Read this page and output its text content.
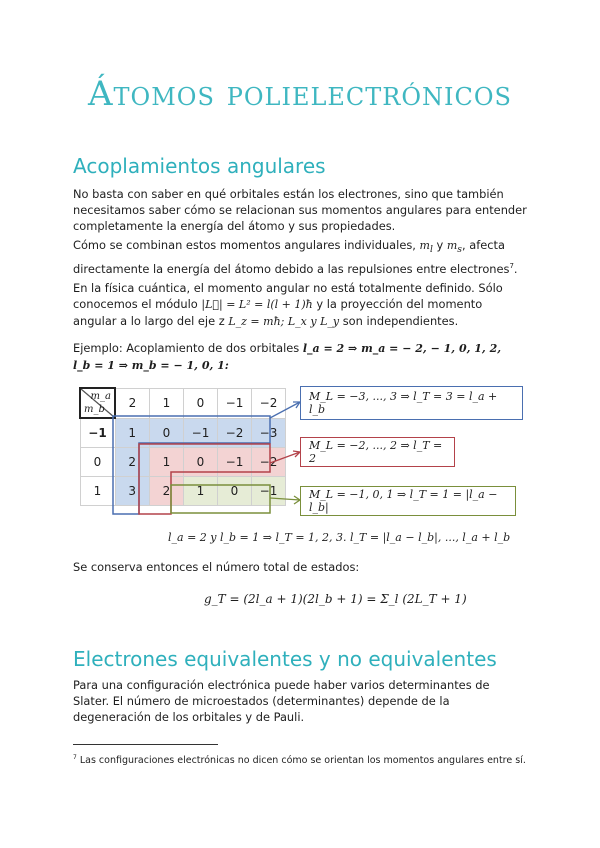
Átomos polielectrónicos
Acoplamientos angulares

No basta con saber en qué orbitales están los electrones, sino que también necesitamos saber cómo se relacionan sus momentos angulares para entender completamente la energía del átomo y sus propiedades.

Cómo se combinan estos momentos angulares individuales, $m_l$ y $m_s$, afecta directamente la energía del átomo debido a las repulsiones entre electrones$^7$.

En la física cuántica, el momento angular no está totalmente definido. Sólo conocemos el módulo |L⃗| = L² = l(l + 1)ħ y la proyección del momento angular a lo largo del eje z L_z = mħ; L_x y L_y son independientes.

Ejemplo: Acoplamiento de dos orbitales l_a = 2 ⇒ m_a = − 2, − 1, 0, 1, 2,
l_b = 1 ⇒ m_b = − 1, 0, 1:

m_a
m_b	2	1	0	−1	−2
−1	1	0	−1	−2	−3
0	2	1	0	−1	−2
1	3	2	1	0	−1
M_L = −3, ..., 3 ⇒ l_T = 3 = l_a + l_b
M_L = −2, ..., 2 ⇒ l_T = 2
M_L = −1, 0, 1 ⇒ l_T = 1 = |l_a − l_b|
l_a = 2 y l_b = 1 ⇒ l_T = 1, 2, 3. l_T = |l_a − l_b|, ..., l_a + l_b

Se conserva entonces el número total de estados:

g_T = (2l_a + 1)(2l_b + 1) = Σ_l (2L_T + 1)
Electrones equivalentes y no equivalentes

Para una configuración electrónica puede haber varios determinantes de Slater. El número de microestados (determinantes) depende de la degeneración de los orbitales y de Pauli.

$^7$ Las configuraciones electrónicas no dicen cómo se orientan los momentos angulares entre sí.
